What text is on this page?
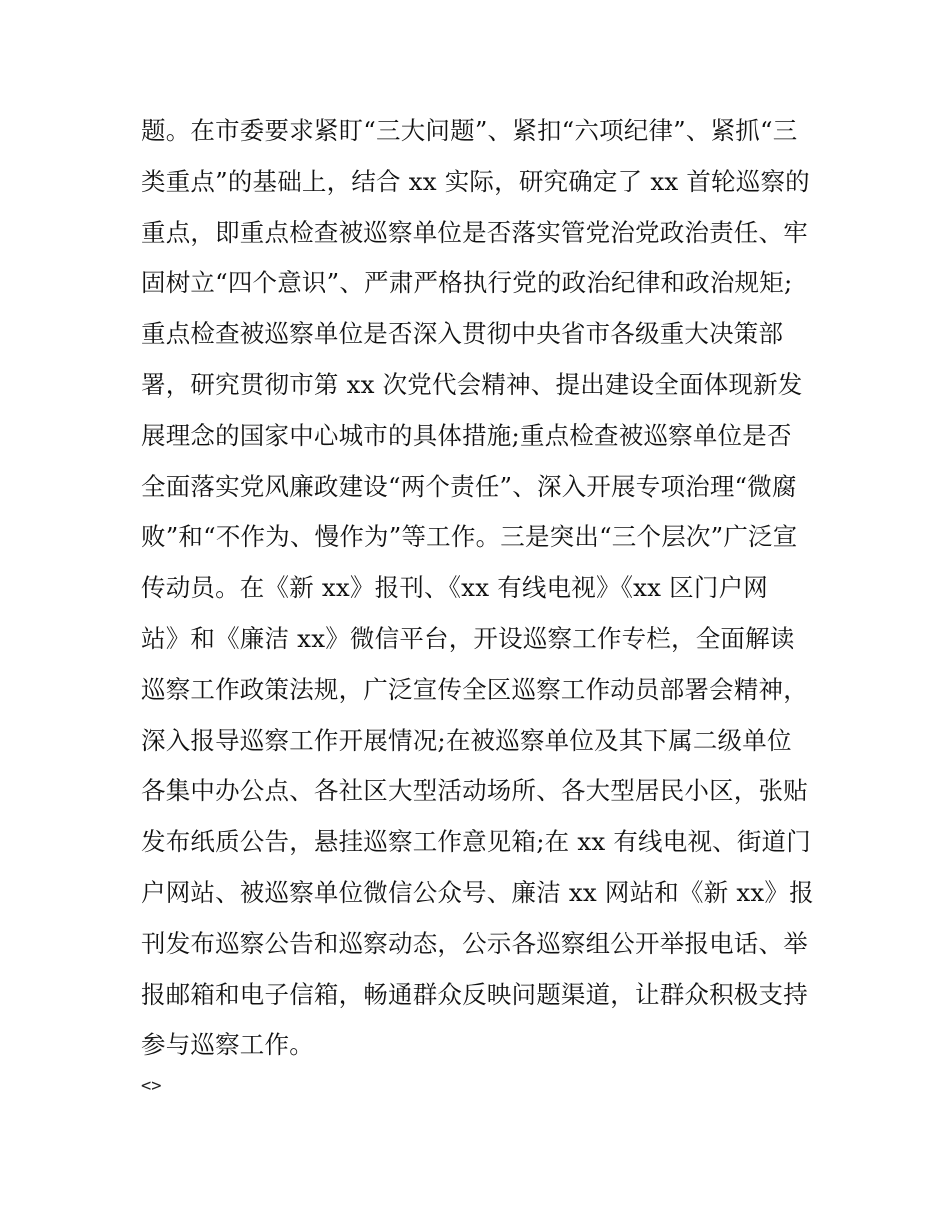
题。在市委要求紧盯“三大问题”、紧扣“六项纪律”、紧抓“三
类重点”的基础上，结合 xx 实际，研究确定了 xx 首轮巡察的
重点，即重点检查被巡察单位是否落实管党治党政治责任、牢
固树立“四个意识”、严肃严格执行党的政治纪律和政治规矩;
重点检查被巡察单位是否深入贯彻中央省市各级重大决策部
署，研究贯彻市第 xx 次党代会精神、提出建设全面体现新发
展理念的国家中心城市的具体措施;重点检查被巡察单位是否
全面落实党风廉政建设“两个责任”、深入开展专项治理“微腐
败”和“不作为、慢作为”等工作。三是突出“三个层次”广泛宣
传动员。在《新 xx》报刊、《xx 有线电视》《xx 区门户网
站》和《廉洁 xx》微信平台，开设巡察工作专栏，全面解读
巡察工作政策法规，广泛宣传全区巡察工作动员部署会精神，
深入报导巡察工作开展情况;在被巡察单位及其下属二级单位
各集中办公点、各社区大型活动场所、各大型居民小区，张贴
发布纸质公告，悬挂巡察工作意见箱;在 xx 有线电视、街道门
户网站、被巡察单位微信公众号、廉洁 xx 网站和《新 xx》报
刊发布巡察公告和巡察动态，公示各巡察组公开举报电话、举
报邮箱和电子信箱，畅通群众反映问题渠道，让群众积极支持
参与巡察工作。
<>
